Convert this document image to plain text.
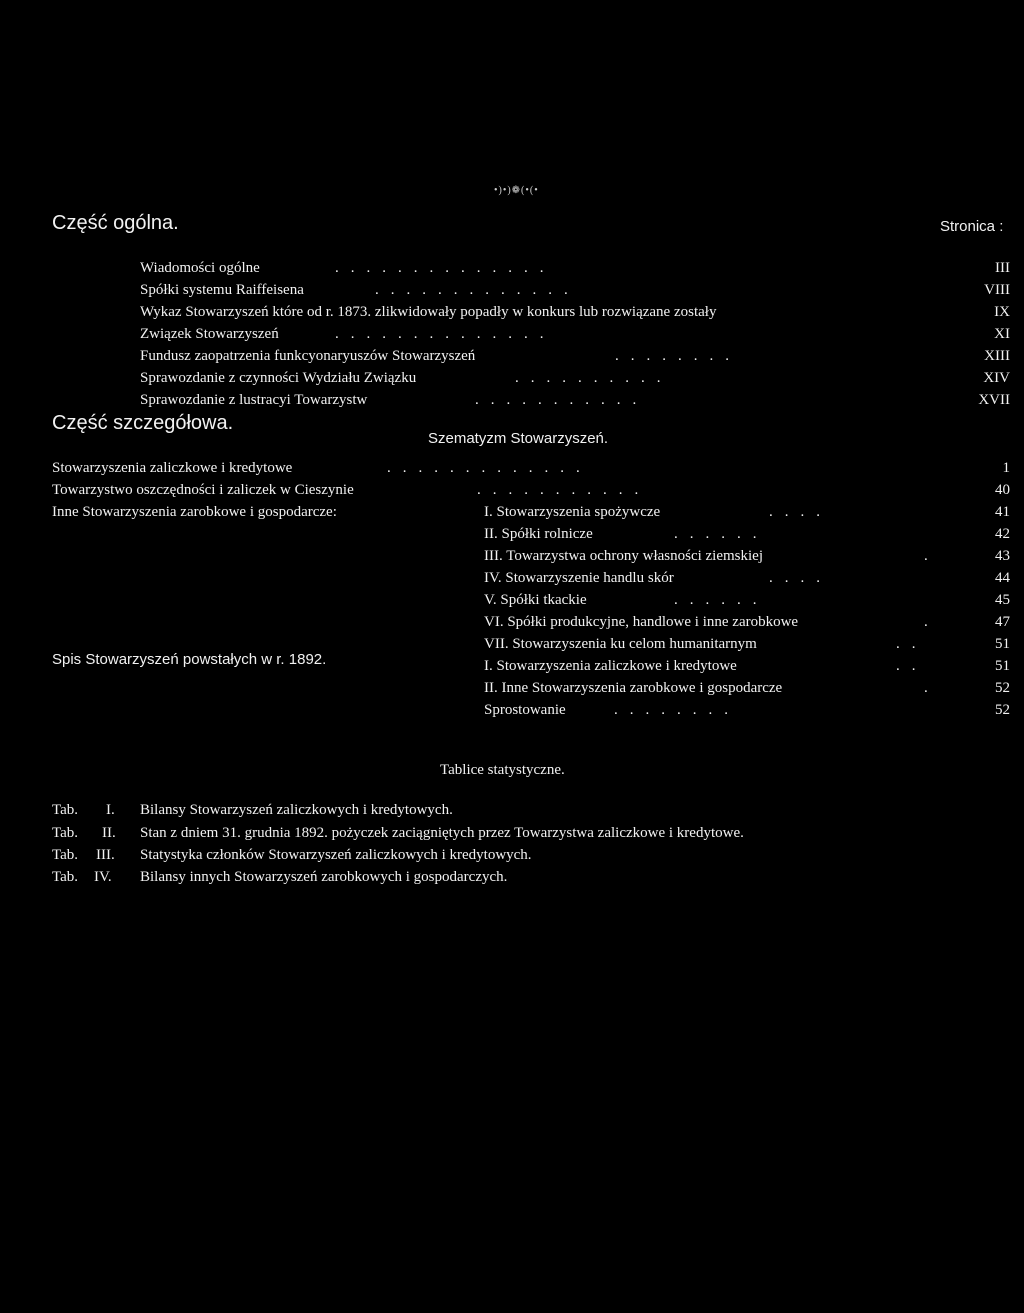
•)•)❁(•(•
Część ogólna.	Stronica :
Wiadomości ogólne	..............	III
Spółki systemu Raiffeisena	.............	VIII
Wykaz Stowarzyszeń które od r. 1873. zlikwidowały popadły w konkurs lub rozwiązane zostały	IX
Związek Stowarzyszeń	..............	XI
Fundusz zaopatrzenia funkcyonaryuszów Stowarzyszeń	........	XIII
Sprawozdanie z czynności Wydziału Związku	..........	XIV
Sprawozdanie z lustracyi Towarzystw	...........	XVII
Część szczegółowa.
Szematyzm Stowarzyszeń.
Stowarzyszenia zaliczkowe i kredytowe	.............	1
Towarzystwo oszczędności i zaliczek w Cieszynie	...........	40
Inne Stowarzyszenia zarobkowe i gospodarcze:	I. Stowarzyszenia spożywcze	....	41
II. Spółki rolnicze	......	42
III. Towarzystwa ochrony własności ziemskiej	.	43
IV. Stowarzyszenie handlu skór	....	44
V. Spółki tkackie	......	45
VI. Spółki produkcyjne, handlowe i inne zarobkowe	.	47
VII. Stowarzyszenia ku celom humanitarnym	..	51
Spis Stowarzyszeń powstałych w r. 1892.	I. Stowarzyszenia zaliczkowe i kredytowe	..	51
II. Inne Stowarzyszenia zarobkowe i gospodarcze	.	52
Sprostowanie	........	52
Tablice statystyczne.
Tab. I. Bilansy Stowarzyszeń zaliczkowych i kredytowych.
Tab. II. Stan z dniem 31. grudnia 1892. pożyczek zaciągniętych przez Towarzystwa zaliczkowe i kredytowe.
Tab. III. Statystyka członków Stowarzyszeń zaliczkowych i kredytowych.
Tab. IV. Bilansy innych Stowarzyszeń zarobkowych i gospodarczych.
